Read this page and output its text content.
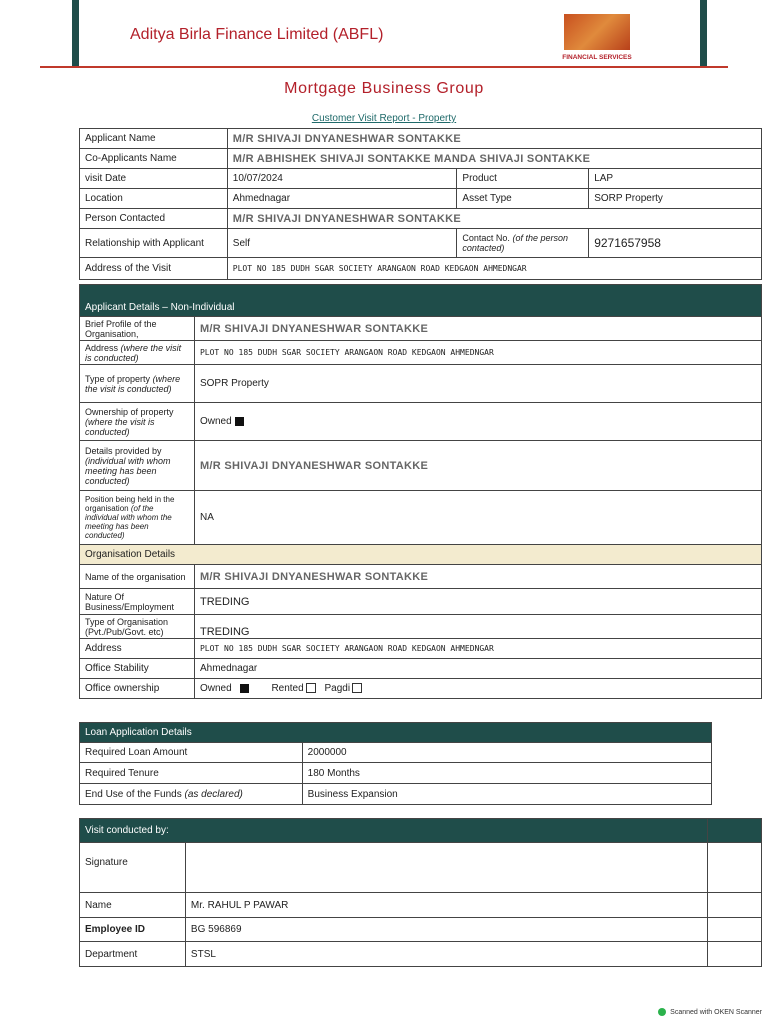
Aditya Birla Finance Limited (ABFL)
FINANCIAL SERVICES
Mortgage Business Group
Customer Visit Report - Property
Applicant Name	M/R SHIVAJI DNYANESHWAR SONTAKKE		
Co-Applicants Name	M/R ABHISHEK SHIVAJI SONTAKKE MANDA SHIVAJI SONTAKKE		
visit Date	10/07/2024	Product	LAP
Location	Ahmednagar	Asset Type	SORP Property
Person Contacted	M/R SHIVAJI DNYANESHWAR SONTAKKE		
Relationship with Applicant	Self	Contact No. (of the person contacted)	9271657958
Address of the Visit	PLOT NO 185 DUDH SGAR SOCIETY ARANGAON ROAD KEDGAON AHMEDNGAR		
Applicant Details – Non-Individual	
Brief Profile of the Organisation,	M/R SHIVAJI DNYANESHWAR SONTAKKE
Address (where the visit is conducted)	PLOT NO 185 DUDH SGAR SOCIETY ARANGAON ROAD KEDGAON AHMEDNGAR
Type of property (where the visit is conducted)	SOPR Property
Ownership of property (where the visit is conducted)	Owned
Details provided by (individual with whom meeting has been conducted)	M/R SHIVAJI DNYANESHWAR SONTAKKE
Position being held in the organisation (of the individual with whom the meeting has been conducted)	NA
Organisation Details	
Name of the organisation	M/R SHIVAJI DNYANESHWAR SONTAKKE
Nature Of Business/Employment	TREDING
Type of Organisation (Pvt./Pub/Govt. etc)	TREDING
Address	PLOT NO 185 DUDH SGAR SOCIETY ARANGAON ROAD KEDGAON AHMEDNGAR
Office Stability	Ahmednagar
Office ownership	Owned Rented Pagdi
Loan Application Details	
Required Loan Amount	2000000
Required Tenure	180 Months
End Use of the Funds (as declared)	Business Expansion
Visit conducted by:		
Signature		
Name	Mr. RAHUL P PAWAR	
Employee ID	BG 596869	
Department	STSL	
Scanned with OKEN Scanner
